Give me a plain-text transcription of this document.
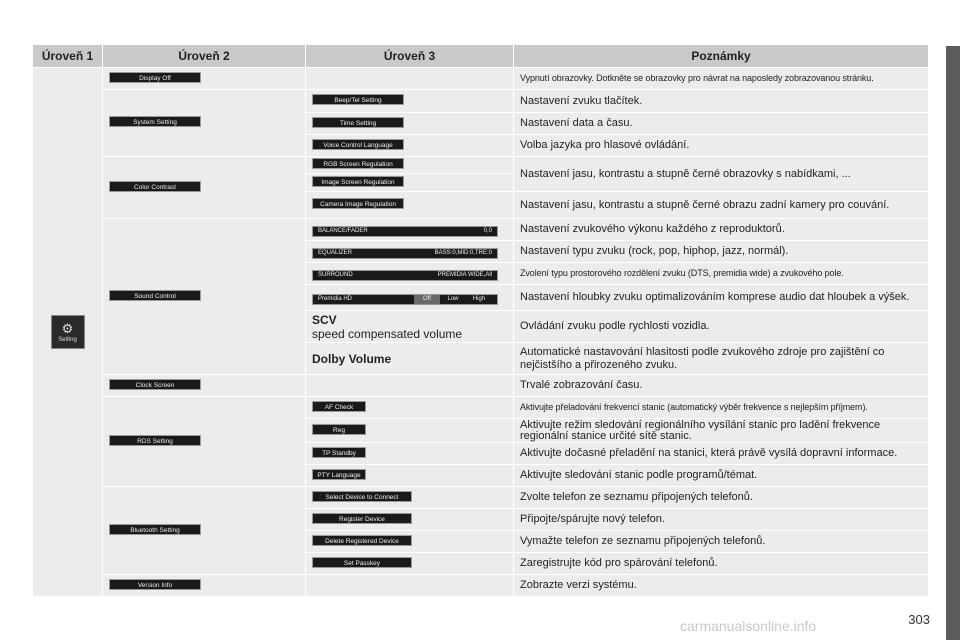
Úroveň 1	Úroveň 2	Úroveň 3	Poznámky

⚙
Setting	Display Off		Vypnutí obrazovky. Dotkněte se obrazovky pro návrat na naposledy zobrazovanou stránku.
	System Setting	Beep/Tel Setting	Nastavení zvuku tlačítek.
		Time Setting	Nastavení data a času.
		Voice Control Language	Volba jazyka pro hlasové ovládání.
	Color Contrast	RGB Screen Regulation	Nastavení jasu, kontrastu a stupně černé obrazovky s nabídkami, ...
		Image Screen Regulation	
		Camera Image Regulation	Nastavení jasu, kontrastu a stupně černé obrazu zadní kamery pro couvání.
	Sound Control	BALANCE/FADER 0,0	Nastavení zvukového výkonu každého z reproduktorů.

		EQUALIZER BASS:0,MID:0,TRE:0	Nastavení typu zvuku (rock, pop, hiphop, jazz, normál).

		SURROUND PREMIDIA WIDE,All	Zvolení typu prostorového rozdělení zvuku (DTS, premidia wide) a zvukového pole.

		Premidia HD Off Low High	Nastavení hloubky zvuku optimalizováním komprese audio dat hloubek a výšek.
		SCV
speed compensated volume	Ovládání zvuku podle rychlosti vozidla.
		Dolby Volume	Automatické nastavování hlasitosti podle zvukového zdroje pro zajištění co nejčistšího a přirozeného zvuku.
	Clock Screen		Trvalé zobrazování času.
	RDS Setting	AF Check	Aktivujte přeladování frekvencí stanic (automatický výběr frekvence s nejlepším příjmem).
		Reg	Aktivujte režim sledování regionálního vysílání stanic pro ladění frekvence regionální stanice určité sítě stanic.
		TP Standby	Aktivujte dočasné přeladění na stanici, která právě vysílá dopravní informace.
		PTY Language	Aktivujte sledování stanic podle programů/témat.
	Bluetooth Setting	Select Device to Connect	Zvolte telefon ze seznamu připojených telefonů.
		Register Device	Připojte/spárujte nový telefon.
		Delete Registered Device	Vymažte telefon ze seznamu připojených telefonů.
		Set Passkey	Zaregistrujte kód pro spárování telefonů.
	Version Info		Zobrazte verzi systému.
carmanualsonline.info	303
